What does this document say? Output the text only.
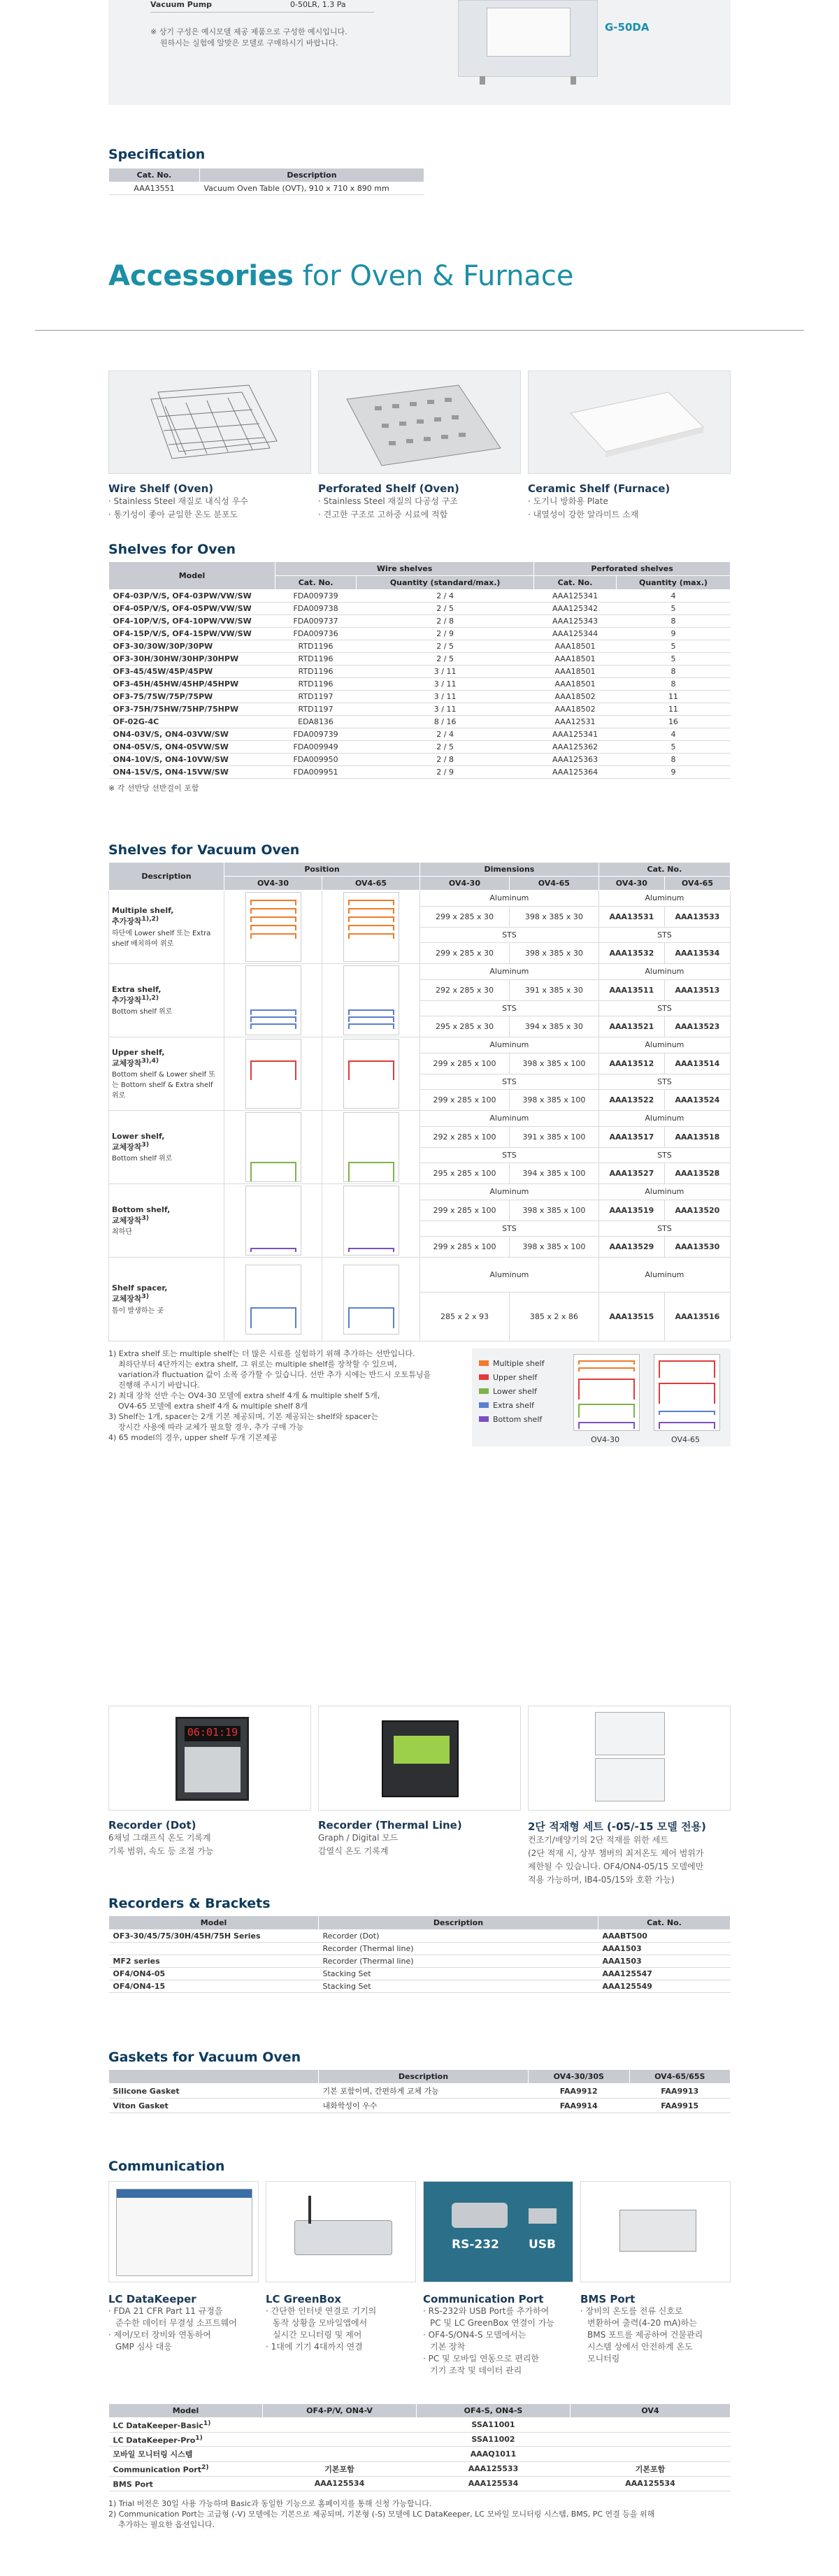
Vacuum Pump	0-50LR, 1.3 Pa
※ 상기 구성은 예시모델 제공 제품으로 구성한 예시입니다.
원하시는 실험에 알맞은 모델로 구매하시기 바랍니다.
G-50DA
Specification
Cat. No.	Description
AAA13551	Vacuum Oven Table (OVT), 910 x 710 x 890 mm
Accessories for Oven & Furnace
Wire Shelf (Oven)
· Stainless Steel 재질로 내식성 우수
· 통기성이 좋아 균일한 온도 분포도
Perforated Shelf (Oven)
· Stainless Steel 재질의 다공성 구조
· 견고한 구조로 고하중 시료에 적합
Ceramic Shelf (Furnace)
· 도기니 방화용 Plate
· 내열성이 강한 알라미트 소재
Shelves for Oven
Model	Wire shelves		Perforated shelves	
	Cat. No.	Quantity (standard/max.)	Cat. No.	Quantity (max.)
OF4-03P/V/S, OF4-03PW/VW/SW	FDA009739	2 / 4	AAA125341	4
OF4-05P/V/S, OF4-05PW/VW/SW	FDA009738	2 / 5	AAA125342	5
OF4-10P/V/S, OF4-10PW/VW/SW	FDA009737	2 / 8	AAA125343	8
OF4-15P/V/S, OF4-15PW/VW/SW	FDA009736	2 / 9	AAA125344	9
OF3-30/30W/30P/30PW	RTD1196	2 / 5	AAA18501	5
OF3-30H/30HW/30HP/30HPW	RTD1196	2 / 5	AAA18501	5
OF3-45/45W/45P/45PW	RTD1196	3 / 11	AAA18501	8
OF3-45H/45HW/45HP/45HPW	RTD1196	3 / 11	AAA18501	8
OF3-75/75W/75P/75PW	RTD1197	3 / 11	AAA18502	11
OF3-75H/75HW/75HP/75HPW	RTD1197	3 / 11	AAA18502	11
OF-02G-4C	EDA8136	8 / 16	AAA12531	16
ON4-03V/S, ON4-03VW/SW	FDA009739	2 / 4	AAA125341	4
ON4-05V/S, ON4-05VW/SW	FDA009949	2 / 5	AAA125362	5
ON4-10V/S, ON4-10VW/SW	FDA009950	2 / 8	AAA125363	8
ON4-15V/S, ON4-15VW/SW	FDA009951	2 / 9	AAA125364	9
※ 각 선반당 선반걸이 포함
Shelves for Vacuum Oven
Description	Position		Dimensions		Cat. No.	
	OV4-30	OV4-65	OV4-30	OV4-65	OV4-30	OV4-65

Multiple shelf,
추가장착$^{1),2)}$
하단에 Lower shelf 또는 Extra shelf 배치하여 위로			Aluminum		Aluminum	
			299 x 285 x 30	398 x 385 x 30	AAA13531	AAA13533
			STS		STS	
			299 x 285 x 30	398 x 385 x 30	AAA13532	AAA13534

Extra shelf,
추가장착$^{1),2)}$
Bottom shelf 위로			Aluminum		Aluminum	
			292 x 285 x 30	391 x 385 x 30	AAA13511	AAA13513
			STS		STS	
			295 x 285 x 30	394 x 385 x 30	AAA13521	AAA13523

Upper shelf,
교체장착$^{3),4)}$
Bottom shelf & Lower shelf 또는 Bottom shelf & Extra shelf 위로			Aluminum		Aluminum	
			299 x 285 x 100	398 x 385 x 100	AAA13512	AAA13514
			STS		STS	
			299 x 285 x 100	398 x 385 x 100	AAA13522	AAA13524

Lower shelf,
교체장착$^{3)}$
Bottom shelf 위로			Aluminum		Aluminum	
			292 x 285 x 100	391 x 385 x 100	AAA13517	AAA13518
			STS		STS	
			295 x 285 x 100	394 x 385 x 100	AAA13527	AAA13528

Bottom shelf,
교체장착$^{3)}$
최하단			Aluminum		Aluminum	
			299 x 285 x 100	398 x 385 x 100	AAA13519	AAA13520
			STS		STS	
			299 x 285 x 100	398 x 385 x 100	AAA13529	AAA13530

Shelf spacer,
교체장착$^{3)}$
틈이 발생하는 곳			Aluminum		Aluminum	
			285 x 2 x 93	385 x 2 x 86	AAA13515	AAA13516
1) Extra shelf 또는 multiple shelf는 더 많은 시료를 실험하기 위해 추가하는 선반입니다.
최하단부터 4단까지는 extra shelf, 그 위로는 multiple shelf를 장착할 수 있으며,
variation과 fluctuation 값이 소폭 증가할 수 있습니다. 선반 추가 시에는 반드시 오토튜닝을
진행해 주시기 바랍니다.
2) 최대 장착 선반 수는 OV4-30 모델에 extra shelf 4개 & multiple shelf 5개,
OV4-65 모델에 extra shelf 4개 & multiple shelf 8개
3) Shelf는 1개, spacer는 2개 기본 제공되며, 기본 제공되는 shelf와 spacer는
장시간 사용에 따라 교체가 필요할 경우, 추가 구매 가능
4) 65 model의 경우, upper shelf 두개 기본제공
Multiple shelf
Upper shelf
Lower shelf
Extra shelf
Bottom shelf
OV4-30	OV4-65
06:01:19
Recorder (Dot)
6채널 그래프식 온도 기록계
기록 범위, 속도 등 조절 가능
Recorder (Thermal Line)
Graph / Digital 모드
감열식 온도 기록계
2단 적재형 세트 (-05/-15 모델 전용)
컨조기/배양기의 2단 적재를 위한 세트
(2단 적재 시, 상부 챔버의 최저온도 제어 범위가
제한될 수 있습니다. OF4/ON4-05/15 모델에만
적용 가능하며, IB4-05/15와 호환 가능)
Recorders & Brackets
Model	Description	Cat. No.
OF3-30/45/75/30H/45H/75H Series	Recorder (Dot)	AAABT500
	Recorder (Thermal line)	AAA1503
MF2 series	Recorder (Thermal line)	AAA1503
OF4/ON4-05	Stacking Set	AAA125547
OF4/ON4-15	Stacking Set	AAA125549
Gaskets for Vacuum Oven
	Description	OV4-30/30S	OV4-65/65S
Silicone Gasket	기본 포함이며, 간편하게 교체 가능	FAA9912	FAA9913
Viton Gasket	내화학성이 우수	FAA9914	FAA9915
Communication
RS-232 USB
LC DataKeeper
· FDA 21 CFR Part 11 규정을
준수한 데이터 무결성 소프트웨어
· 제어/모터 장비와 연동하여
GMP 심사 대응
LC GreenBox
· 간단한 인터넷 연결로 기기의
동작 상황을 모바일앱에서
실시간 모니터링 및 제어
· 1대에 기기 4대까지 연결
Communication Port
· RS-232와 USB Port를 추가하여
PC 및 LC GreenBox 연결이 가능
· OF4-S/ON4-S 모델에서는
기본 장착
· PC 및 모바일 연동으로 편리한
기기 조작 및 데이터 관리
BMS Port
· 장비의 온도를 전류 신호로
변환하여 출력(4-20 mA)하는
BMS 포트를 제공하여 건물관리
시스템 상에서 안전하게 온도
모니터링
Model	OF4-P/V, ON4-V	OF4-S, ON4-S	OV4
LC DataKeeper-Basic$^{1)}$		SSA11001	
LC DataKeeper-Pro$^{1)}$		SSA11002	
모바일 모니터링 시스템		AAAQ1011	
Communication Port$^{2)}$	기본포함	AAA125533	기본포함
BMS Port	AAA125534	AAA125534	AAA125534
1) Trial 버전은 30일 사용 가능하며 Basic과 동일한 기능으로 홈페이지를 통해 신청 가능합니다.
2) Communication Port는 고급형 (-V) 모델에는 기본으로 제공되며, 기본형 (-S) 모델에 LC DataKeeper, LC 모바일 모니터링 시스템, BMS, PC 연결 등을 위해
추가하는 필요한 옵션입니다.
